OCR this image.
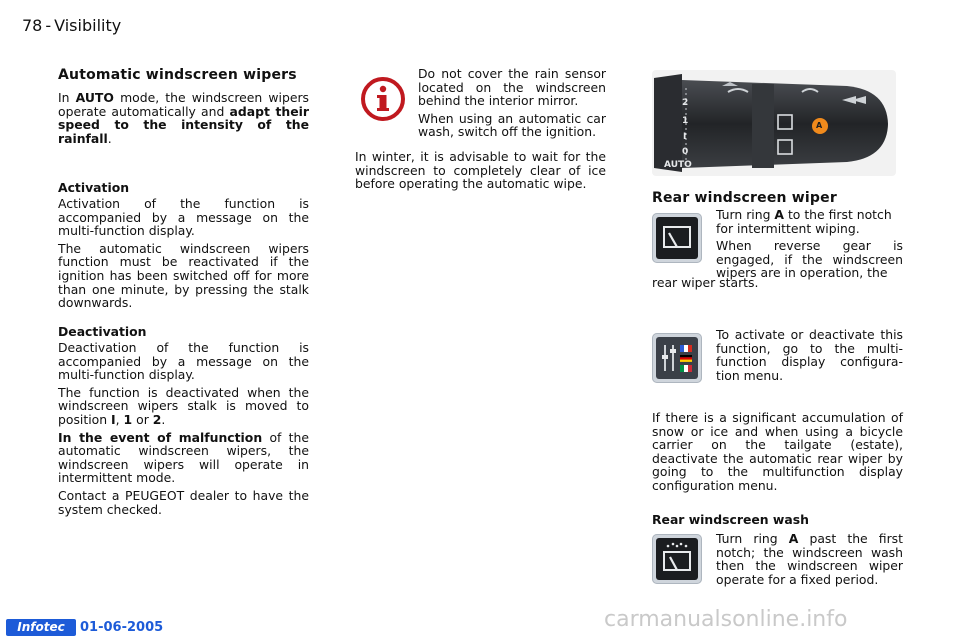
78 - Visibility
Automatic windscreen wipers

In AUTO mode, the windscreen wipers operate automatically and adapt their speed to the intensity of the rainfall.

Activation

Activation of the function is accompanied by a message on the multi-function display.

The automatic windscreen wipers function must be reactivated if the ignition has been switched off for more than one minute, by pressing the stalk downwards.

Deactivation

Deactivation of the function is accompanied by a message on the multi-function display.

The function is deactivated when the windscreen wipers stalk is moved to position I, 1 or 2.

In the event of malfunction of the automatic windscreen wipers, the windscreen wipers will operate in intermittent mode.

Contact a PEUGEOT dealer to have the system checked.

Do not cover the rain sensor located on the windscreen behind the interior mirror.

When using an automatic car wash, switch off the ignition.

In winter, it is advisable to wait for the windscreen to completely clear of ice before operating the automatic wipe.

2
1
I
0
AUTO
A
Rear windscreen wiper

Turn ring A to the first notch for intermittent wiping.

When reverse gear is engaged, if the windscreen wipers are in operation, the

rear wiper starts.

To activate or deactivate this function, go to the multi-function display configura-tion menu.

If there is a significant accumulation of snow or ice and when using a bicycle carrier on the tailgate (estate), deactivate the automatic rear wiper by going to the multifunction display configuration menu.

Rear windscreen wash

Turn ring A past the first notch; the windscreen wash then the windscreen wiper operate for a fixed period.

Infotec	01-06-2005	carmanualsonline.info
